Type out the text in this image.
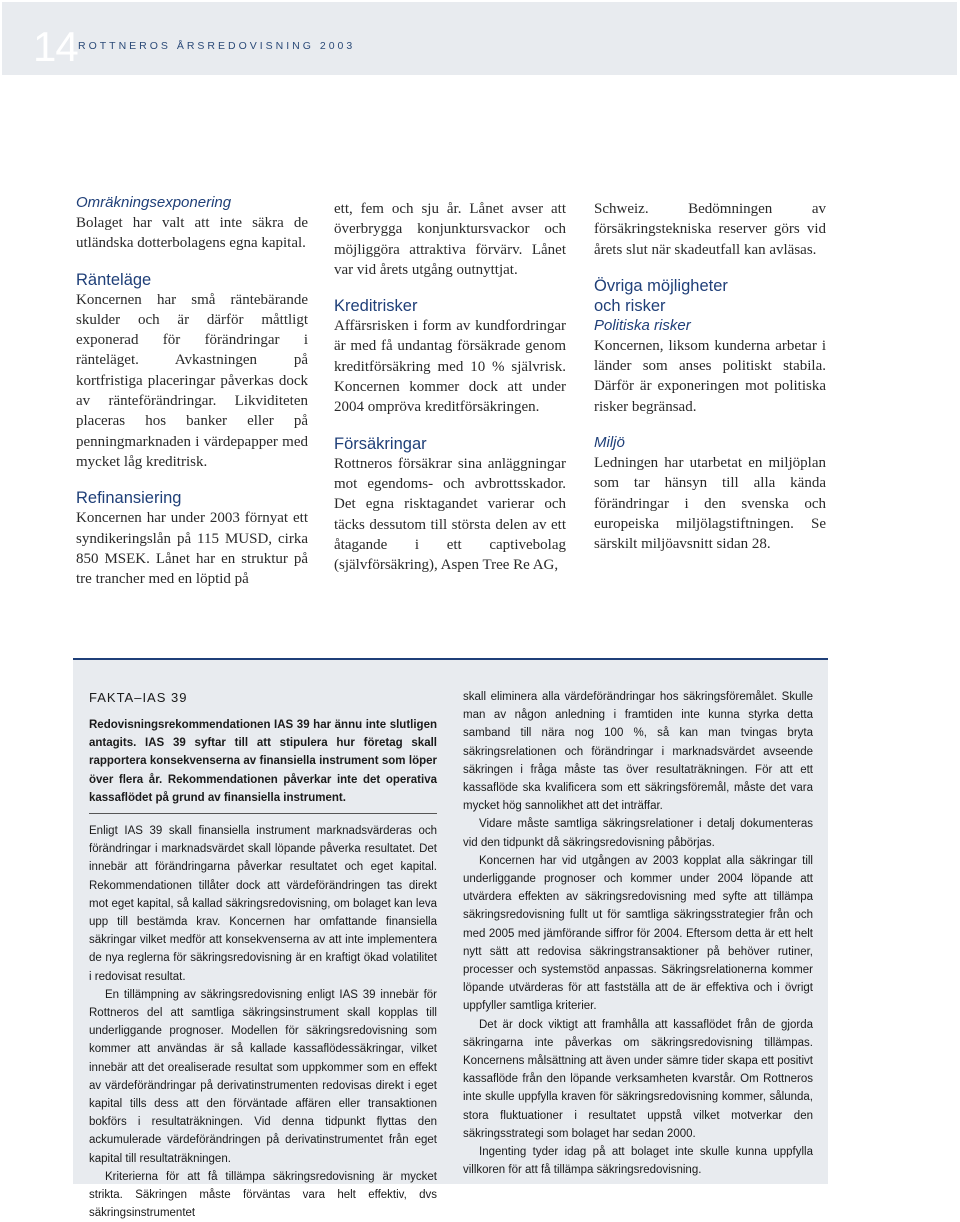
14 ROTTNEROS ÅRSREDOVISNING 2003

Omräkningsexponering

Bolaget har valt att inte säkra de utländska dotterbolagens egna kapital.

Ränteläge

Koncernen har små räntebärande skulder och är därför måttligt exponerad för förändringar i ränteläget. Avkastningen på kortfristiga placeringar påverkas dock av ränteförändringar. Likviditeten placeras hos banker eller på penningmarknaden i värdepapper med mycket låg kreditrisk.

Refinansiering

Koncernen har under 2003 förnyat ett syndikeringslån på 115 MUSD, cirka 850 MSEK. Lånet har en struktur på tre trancher med en löptid på

ett, fem och sju år. Lånet avser att överbrygga konjunktursvackor och möjliggöra attraktiva förvärv. Lånet var vid årets utgång outnyttjat.

Kreditrisker

Affärsrisken i form av kundfordringar är med få undantag försäkrade genom kreditförsäkring med 10 % självrisk. Koncernen kommer dock att under 2004 ompröva kreditförsäkringen.

Försäkringar

Rottneros försäkrar sina anläggningar mot egendoms- och avbrottsskador. Det egna risktagandet varierar och täcks dessutom till största delen av ett åtagande i ett captivebolag (självförsäkring), Aspen Tree Re AG,

Schweiz. Bedömningen av försäkringstekniska reserver görs vid årets slut när skadeutfall kan avläsas.

Övriga möjligheter

och risker

Politiska risker

Koncernen, liksom kunderna arbetar i länder som anses politiskt stabila. Därför är exponeringen mot politiska risker begränsad.

Miljö

Ledningen har utarbetat en miljöplan som tar hänsyn till alla kända förändringar i den svenska och europeiska miljölagstiftningen. Se särskilt miljöavsnitt sidan 28.

FAKTA–IAS 39

Redovisningsrekommendationen IAS 39 har ännu inte slutligen antagits. IAS 39 syftar till att stipulera hur företag skall rapportera konsekvenserna av finansiella instrument som löper över flera år. Rekommendationen påverkar inte det operativa kassaflödet på grund av finansiella instrument.

Enligt IAS 39 skall finansiella instrument marknadsvärderas och förändringar i marknadsvärdet skall löpande påverka resultatet. Det innebär att förändringarna påverkar resultatet och eget kapital. Rekommendationen tillåter dock att värdeförändringen tas direkt mot eget kapital, så kallad säkringsredovisning, om bolaget kan leva upp till bestämda krav. Koncernen har omfattande finansiella säkringar vilket medför att konsekvenserna av att inte implementera de nya reglerna för säkringsredovisning är en kraftigt ökad volatilitet i redovisat resultat.

En tillämpning av säkringsredovisning enligt IAS 39 innebär för Rottneros del att samtliga säkringsinstrument skall kopplas till underliggande prognoser. Modellen för säkringsredovisning som kommer att användas är så kallade kassaflödessäkringar, vilket innebär att det orealiserade resultat som uppkommer som en effekt av värdeförändringar på derivatinstrumenten redovisas direkt i eget kapital tills dess att den förväntade affären eller transaktionen bokförs i resultaträkningen. Vid denna tidpunkt flyttas den ackumulerade värdeförändringen på derivatinstrumentet från eget kapital till resultaträkningen.

Kriterierna för att få tillämpa säkringsredovisning är mycket strikta. Säkringen måste förväntas vara helt effektiv, dvs säkringsinstrumentet

skall eliminera alla värdeförändringar hos säkringsföremålet. Skulle man av någon anledning i framtiden inte kunna styrka detta samband till nära nog 100 %, så kan man tvingas bryta säkringsrelationen och förändringar i marknadsvärdet avseende säkringen i fråga måste tas över resultaträkningen. För att ett kassaflöde ska kvalificera som ett säkringsföremål, måste det vara mycket hög sannolikhet att det inträffar.

Vidare måste samtliga säkringsrelationer i detalj dokumenteras vid den tidpunkt då säkringsredovisning påbörjas.

Koncernen har vid utgången av 2003 kopplat alla säkringar till underliggande prognoser och kommer under 2004 löpande att utvärdera effekten av säkringsredovisning med syfte att tillämpa säkringsredovisning fullt ut för samtliga säkringsstrategier från och med 2005 med jämförande siffror för 2004. Eftersom detta är ett helt nytt sätt att redovisa säkringstransaktioner på behöver rutiner, processer och systemstöd anpassas. Säkringsrelationerna kommer löpande utvärderas för att fastställa att de är effektiva och i övrigt uppfyller samtliga kriterier.

Det är dock viktigt att framhålla att kassaflödet från de gjorda säkringarna inte påverkas om säkringsredovisning tillämpas. Koncernens målsättning att även under sämre tider skapa ett positivt kassaflöde från den löpande verksamheten kvarstår. Om Rottneros inte skulle uppfylla kraven för säkringsredovisning kommer, sålunda, stora fluktuationer i resultatet uppstå vilket motverkar den säkringsstrategi som bolaget har sedan 2000.

Ingenting tyder idag på att bolaget inte skulle kunna uppfylla villkoren för att få tillämpa säkringsredovisning.
